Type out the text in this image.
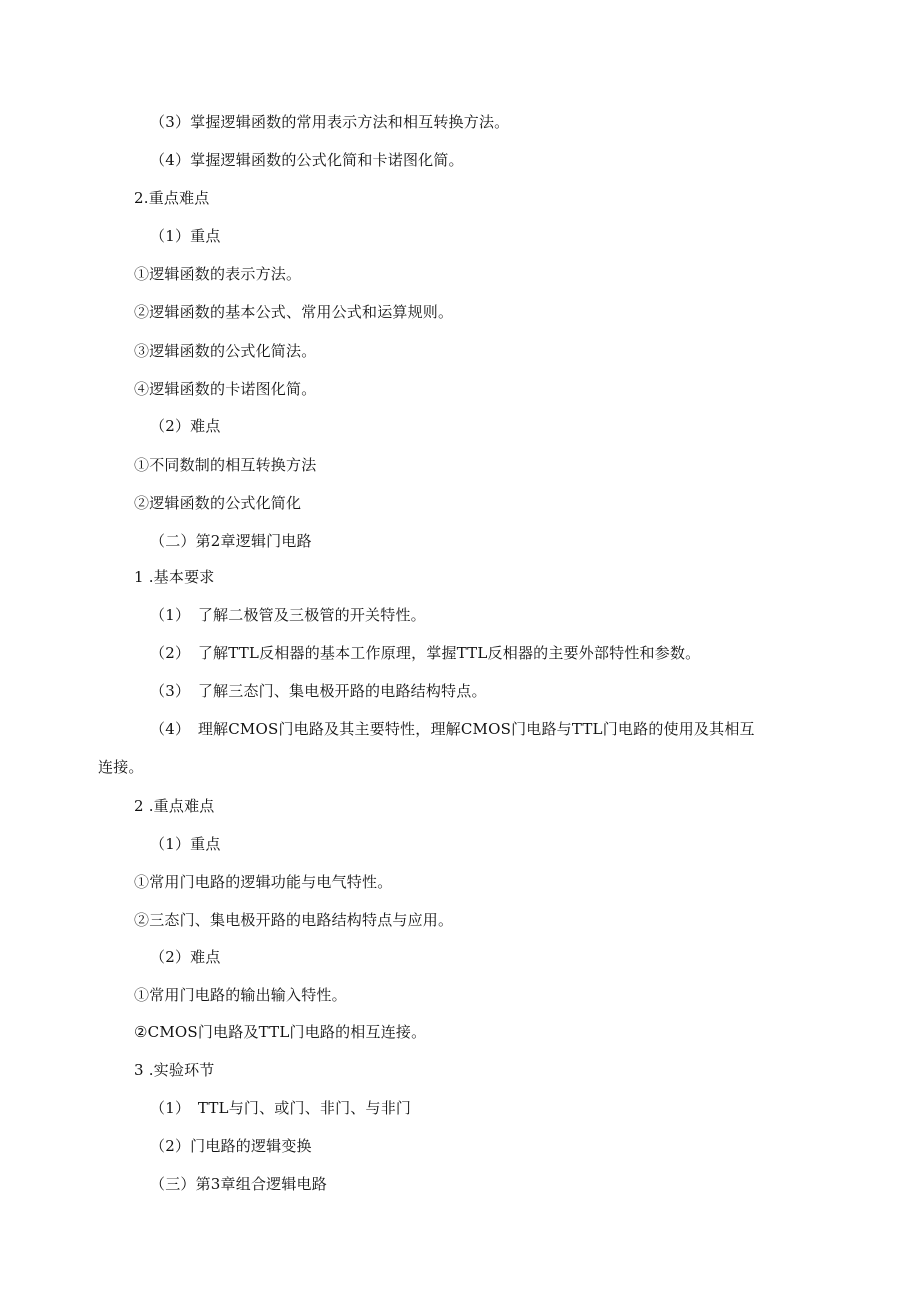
（3）掌握逻辑函数的常用表示方法和相互转换方法。
（4）掌握逻辑函数的公式化简和卡诺图化简。
2.重点难点
（1）重点
①逻辑函数的表示方法。
②逻辑函数的基本公式、常用公式和运算规则。
③逻辑函数的公式化简法。
④逻辑函数的卡诺图化简。
（2）难点
①不同数制的相互转换方法
②逻辑函数的公式化简化
（二）第2章逻辑门电路
1 .基本要求
（1）　了解二极管及三极管的开关特性。
（2）　了解TTL反相器的基本工作原理，掌握TTL反相器的主要外部特性和参数。
（3）　了解三态门、集电极开路的电路结构特点。
（4）　理解CMOS门电路及其主要特性，理解CMOS门电路与TTL门电路的使用及其相互
连接。
2 .重点难点
（1）重点
①常用门电路的逻辑功能与电气特性。
②三态门、集电极开路的电路结构特点与应用。
（2）难点
①常用门电路的输出输入特性。
②CMOS门电路及TTL门电路的相互连接。
3 .实验环节
（1）　TTL与门、或门、非门、与非门
（2）门电路的逻辑变换
（三）第3章组合逻辑电路
